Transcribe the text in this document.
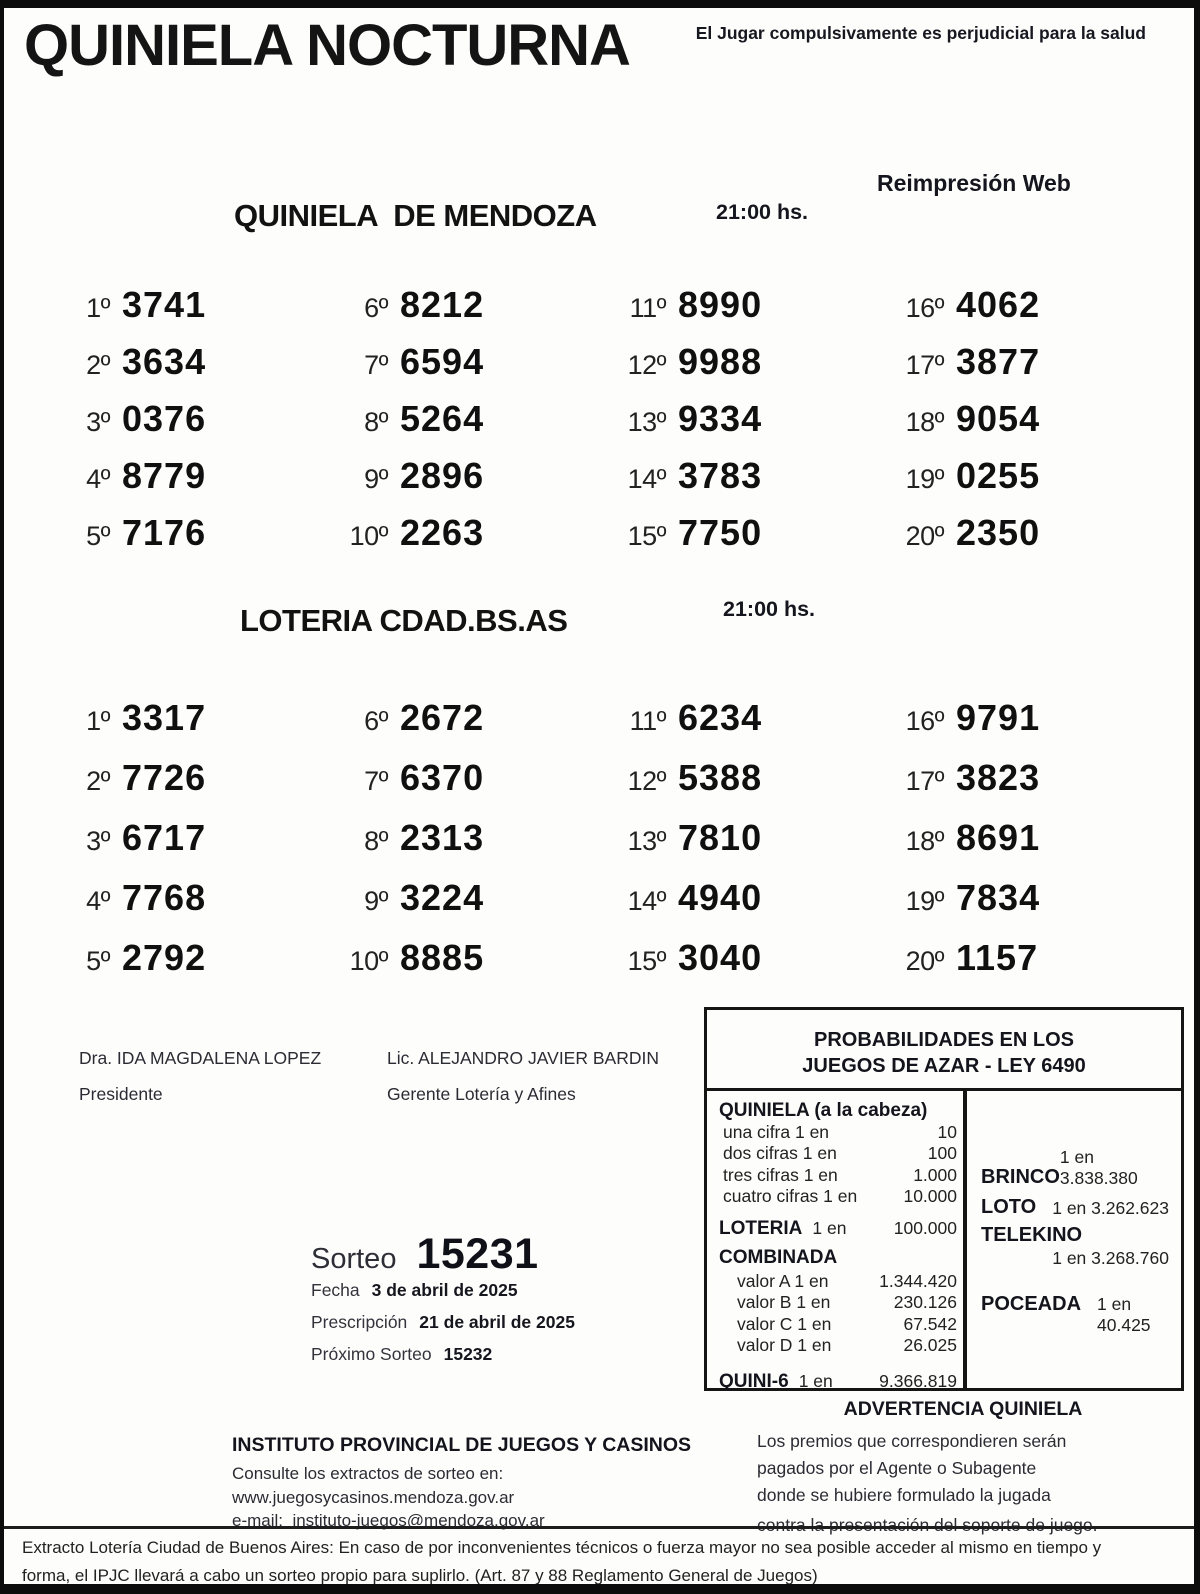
QUINIELA NOCTURNA	El Jugar compulsivamente es perjudicial para la salud
QUINIELA  DE MENDOZA	21:00 hs.
Reimpresión Web
1º 3741
2º 3634
3º 0376
4º 8779
5º 7176
6º 8212
7º 6594
8º 5264
9º 2896
10º 2263
11º 8990
12º 9988
13º 9334
14º 3783
15º 7750
16º 4062
17º 3877
18º 9054
19º 0255
20º 2350
LOTERIA CDAD.BS.AS	21:00 hs.
1º 3317
2º 7726
3º 6717
4º 7768
5º 2792
6º 2672
7º 6370
8º 2313
9º 3224
10º 8885
11º 6234
12º 5388
13º 7810
14º 4940
15º 3040
16º 9791
17º 3823
18º 8691
19º 7834
20º 1157
Dra. IDA MAGDALENA LOPEZ
Presidente
Lic. ALEJANDRO JAVIER BARDIN
Gerente Lotería y Afines
Sorteo 15231
Fecha 3 de abril de 2025
Prescripción 21 de abril de 2025
Próximo Sorteo 15232
PROBABILIDADES EN LOS
JUEGOS DE AZAR - LEY 6490
QUINIELA (a la cabeza)
una cifra 1 en	10
dos cifras 1 en	100
tres cifras 1 en	1.000
cuatro cifras 1 en	10.000
LOTERIA 1 en	100.000
COMBINADA
valor A 1 en	1.344.420
valor B 1 en	230.126
valor C 1 en	67.542
valor D 1 en	26.025
QUINI-6 1 en	9.366.819
BRINCO
1 en 3.838.380
LOTO 1 en 3.262.623
TELEKINO
1 en 3.268.760
POCEADA 1 en 40.425
ADVERTENCIA QUINIELA
Los premios que correspondieren serán
pagados por el Agente o Subagente
donde se hubiere formulado la jugada
contra la presentación del soporte de juego.
INSTITUTO PROVINCIAL DE JUEGOS Y CASINOS
Consulte los extractos de sorteo en:
www.juegosycasinos.mendoza.gov.ar
e-mail:  instituto-juegos@mendoza.gov.ar
Extracto Lotería Ciudad de Buenos Aires: En caso de por inconvenientes técnicos o fuerza mayor no sea posible acceder al mismo en tiempo y
forma, el IPJC llevará a cabo un sorteo propio para suplirlo. (Art. 87 y 88 Reglamento General de Juegos)
